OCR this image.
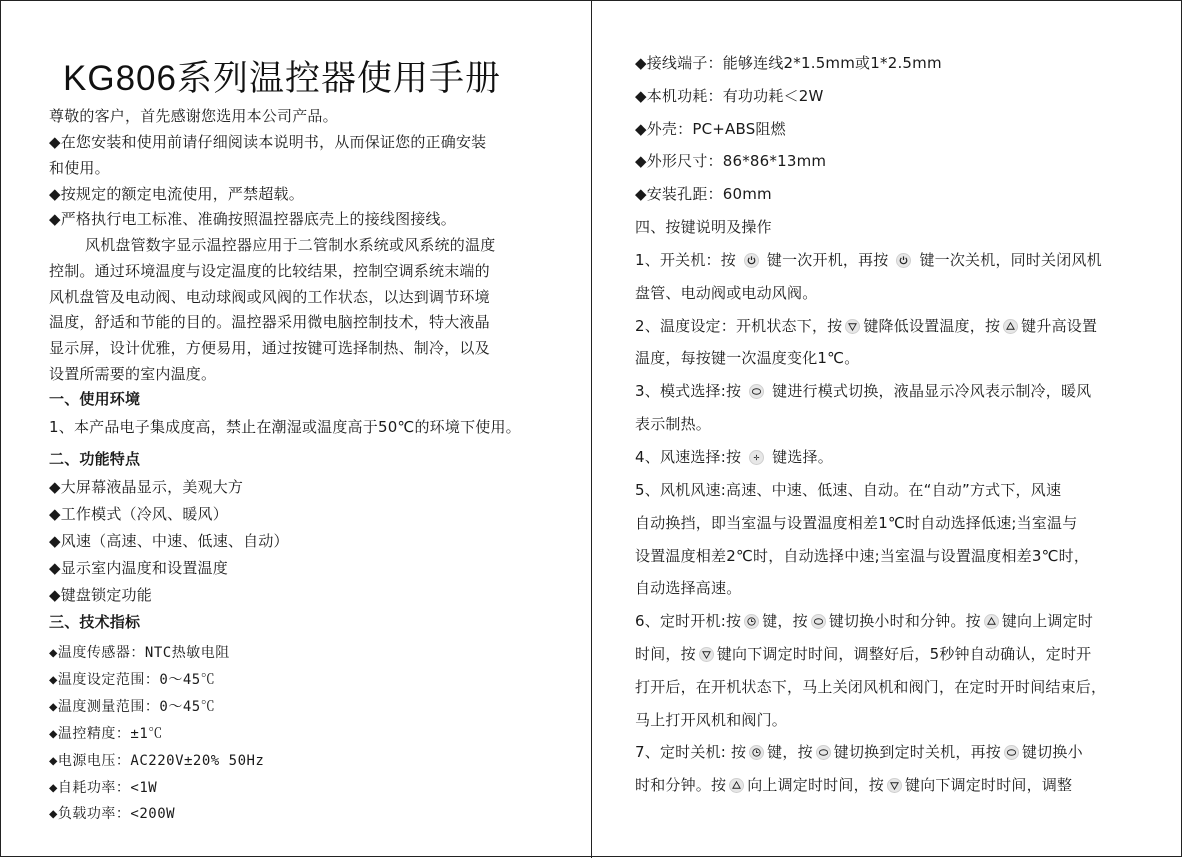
KG806系列温控器使用手册
尊敬的客户，首先感谢您选用本公司产品。
◆在您安装和使用前请仔细阅读本说明书，从而保证您的正确安装
和使用。
◆按规定的额定电流使用，严禁超载。
◆严格执行电工标准、准确按照温控器底壳上的接线图接线。
风机盘管数字显示温控器应用于二管制水系统或风系统的温度
控制。通过环境温度与设定温度的比较结果，控制空调系统末端的
风机盘管及电动阀、电动球阀或风阀的工作状态，以达到调节环境
温度，舒适和节能的目的。温控器采用微电脑控制技术，特大液晶
显示屏，设计优雅，方便易用，通过按键可选择制热、制冷，以及
设置所需要的室内温度。
一、使用环境
1、本产品电子集成度高，禁止在潮湿或温度高于50℃的环境下使用。
二、功能特点
◆大屏幕液晶显示，美观大方
◆工作模式（冷风、暖风）
◆风速（高速、中速、低速、自动）
◆显示室内温度和设置温度
◆键盘锁定功能
三、技术指标
◆温度传感器：NTC热敏电阻
◆温度设定范围：0～45℃
◆温度测量范围：0～45℃
◆温控精度：±1℃
◆电源电压：AC220V±20% 50Hz
◆自耗功率：<1W
◆负载功率：<200W
◆接线端子：能够连线2*1.5mm或1*2.5mm
◆本机功耗：有功功耗＜2W
◆外壳：PC+ABS阻燃
◆外形尺寸：86*86*13mm
◆安装孔距：60mm
四、按键说明及操作
1、开关机：按 键一次开机，再按 键一次关机，同时关闭风机
盘管、电动阀或电动风阀。
2、温度设定：开机状态下，按 键降低设置温度，按 键升高设置
温度，每按键一次温度变化1℃。
3、模式选择:按 键进行模式切换，液晶显示冷风表示制冷，暖风
表示制热。
4、风速选择:按 键选择。
5、风机风速:高速、中速、低速、自动。在“自动”方式下，风速
自动换挡，即当室温与设置温度相差1℃时自动选择低速;当室温与
设置温度相差2℃时，自动选择中速;当室温与设置温度相差3℃时，
自动选择高速。
6、定时开机:按 键，按 键切换小时和分钟。按 键向上调定时
时间，按 键向下调定时时间，调整好后，5秒钟自动确认，定时开
打开后，在开机状态下，马上关闭风机和阀门，在定时开时间结束后，
马上打开风机和阀门。
7、定时关机: 按 键，按 键切换到定时关机，再按 键切换小
时和分钟。按 向上调定时时间，按 键向下调定时时间，调整
